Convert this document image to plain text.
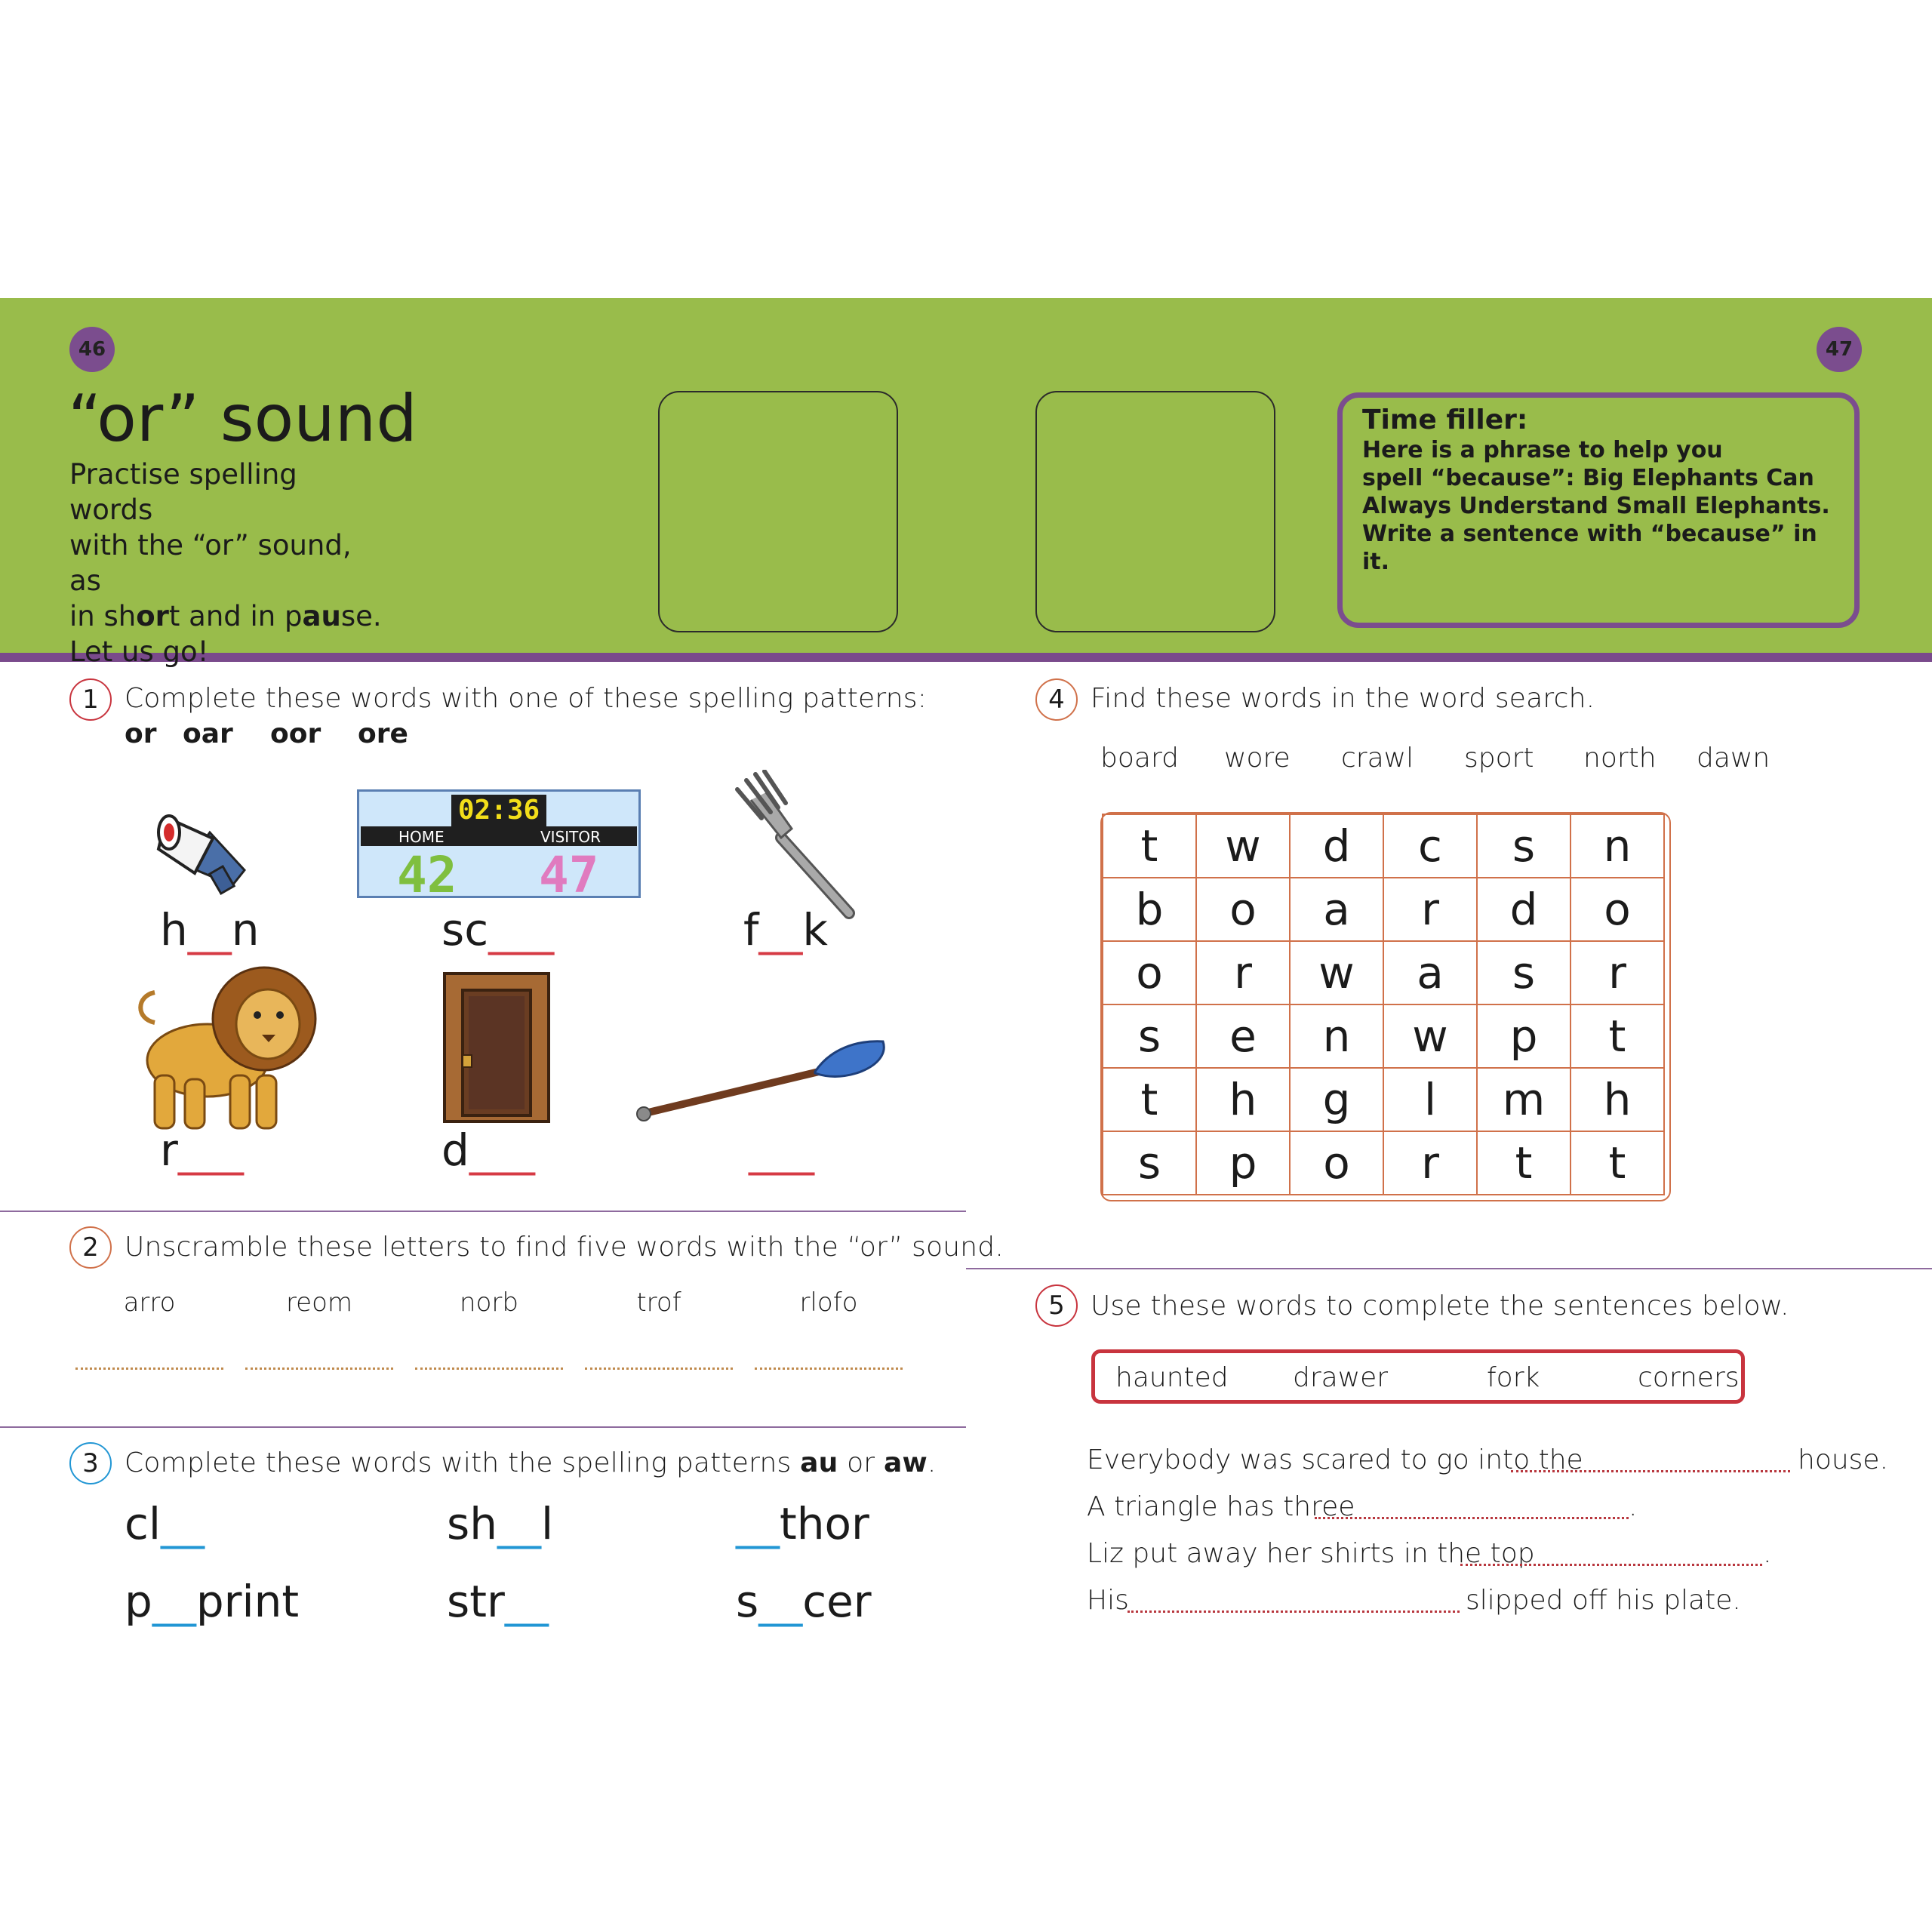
46	47
“or” sound
Practise spelling words
with the “or” sound, as
in short and in pause.
Let us go!
Time filler:
Here is a phrase to help you
spell “because”: Big Elephants Can
Always Understand Small Elephants.
Write a sentence with “because” in it.
1 Complete these words with one of these spelling patterns:
or oar oor ore
02:36
HOME	VISITOR
42 47
h__n	sc___	f__k
r___	d___	___
2 Unscramble these letters to find five words with the “or” sound.
arro	reom	norb	trof	rlofo
3 Complete these words with the spelling patterns au or aw.
cl__	sh__l	__thor
p__print	str__	s__cer
4 Find these words in the word search.
board wore crawl sport north dawn
t	w	d	c	s	n
b	o	a	r	d	o
o	r	w	a	s	r
s	e	n	w	p	t
t	h	g	l	m	h
s	p	o	r	t	t
5 Use these words to complete the sentences below.
haunted drawer	fork	corners
Everybody was scared to go into the	house.
A triangle has three	.
Liz put away her shirts in the top	.
His	slipped off his plate.
